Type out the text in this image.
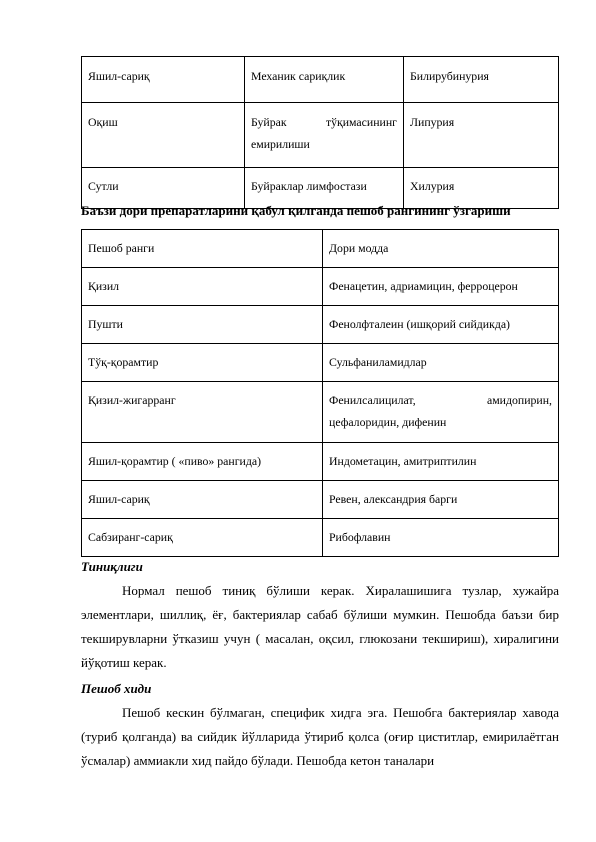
Яшил-сариқ	Механик сариқлик	Билирубинурия
Оқиш	Буйрак тўқимасининг емирилиши	Липурия
Сутли	Буйраклар лимфостази	Хилурия
Баъзи дори препаратларини қабул қилганда пешоб рангининг ўзгариши
Пешоб ранги	Дори модда
Қизил	Фенацетин, адриамицин, ферроцерон
Пушти	Фенолфталеин (ишқорий сийдикда)
Тўқ-қорамтир	Сульфаниламидлар
Қизил-жигарранг	Фенилсалицилат, амидопирин, цефалоридин, дифенин
Яшил-қорамтир ( «пиво» рангида)	Индометацин, амитриптилин
Яшил-сариқ	Ревен, александрия барги
Сабзиранг-сариқ	Рибофлавин
Тиниқлиги

Нормал пешоб тиниқ бўлиши керак. Хиралашишига тузлар, хужайра элементлари, шиллиқ, ёғ, бактериялар сабаб бўлиши мумкин. Пешобда баъзи бир текширувларни ўтказиш учун ( масалан, оқсил, глюкозани текшириш), хиралигини йўқотиш керак.

Пешоб хиди

Пешоб кескин бўлмаган, специфик хидга эга. Пешобга бактериялар хавода (туриб қолганда) ва сийдик йўлларида ўтириб қолса (оғир циститлар, емирилаётган ўсмалар) аммиакли хид пайдо бўлади. Пешобда кетон таналари
